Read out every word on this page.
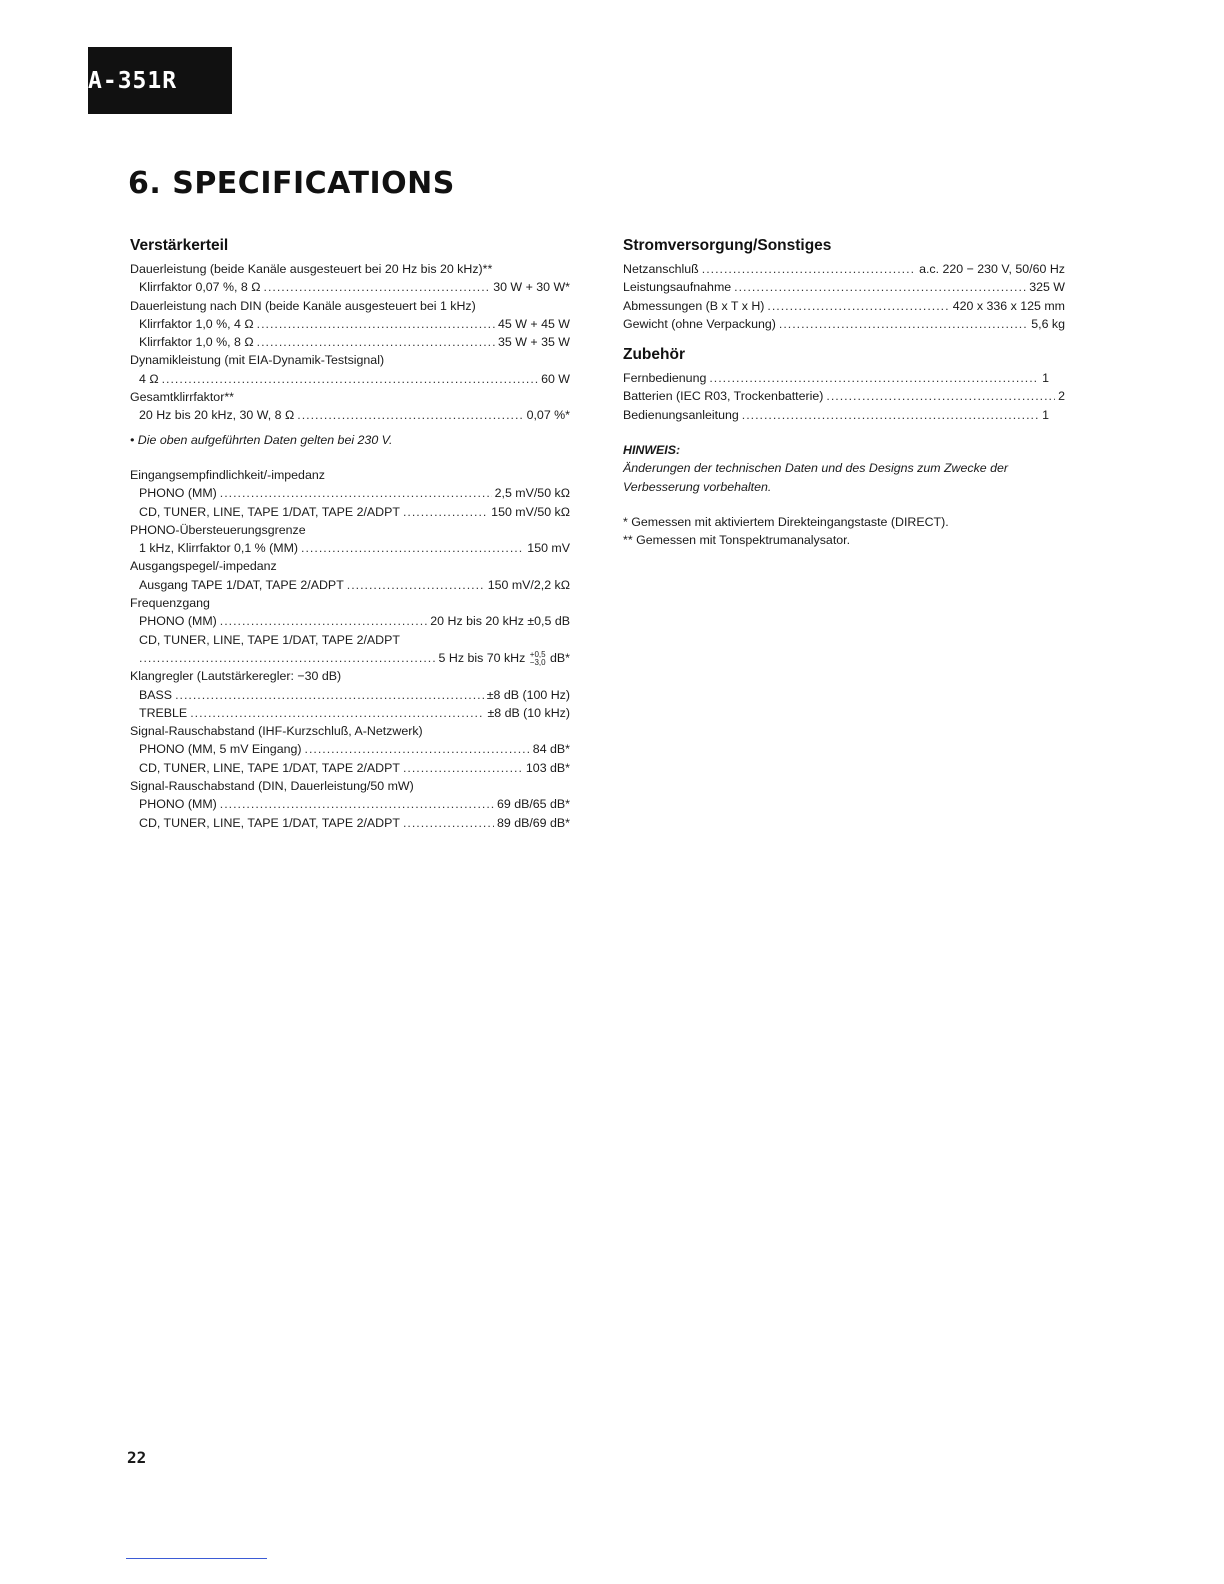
A-351R
6. SPECIFICATIONS
Verstärkerteil
Dauerleistung (beide Kanäle ausgesteuert bei 20 Hz bis 20 kHz)**
Klirrfaktor 0,07 %, 8 Ω .....	30 W + 30 W*
Dauerleistung nach DIN (beide Kanäle ausgesteuert bei 1 kHz)
Klirrfaktor 1,0 %, 4 Ω .....	45 W + 45 W
Klirrfaktor 1,0 %, 8 Ω .....	35 W + 35 W
Dynamikleistung (mit EIA-Dynamik-Testsignal)
4 Ω .....	60 W
Gesamtklirrfaktor**
20 Hz bis 20 kHz, 30 W, 8 Ω .....	0,07 %*
• Die oben aufgeführten Daten gelten bei 230 V.
Eingangsempfindlichkeit/-impedanz
PHONO (MM) .....	2,5 mV/50 kΩ
CD, TUNER, LINE, TAPE 1/DAT, TAPE 2/ADPT .....	150 mV/50 kΩ
PHONO-Übersteuerungsgrenze
1 kHz, Klirrfaktor 0,1 % (MM) .....	150 mV
Ausgangspegel/-impedanz
Ausgang TAPE 1/DAT, TAPE 2/ADPT .....	150 mV/2,2 kΩ
Frequenzgang
PHONO (MM) .....	20 Hz bis 20 kHz ±0,5 dB
CD, TUNER, LINE, TAPE 1/DAT, TAPE 2/ADPT
.....
5 Hz bis 70 kHz +0,5
−3,0 dB*
Klangregler (Lautstärkeregler: −30 dB)
BASS .....	±8 dB (100 Hz)
TREBLE .....	±8 dB (10 kHz)
Signal-Rauschabstand (IHF-Kurzschluß, A-Netzwerk)
PHONO (MM, 5 mV Eingang) .....	84 dB*
CD, TUNER, LINE, TAPE 1/DAT, TAPE 2/ADPT .....	103 dB*
Signal-Rauschabstand (DIN, Dauerleistung/50 mW)
PHONO (MM) .....	69 dB/65 dB*
CD, TUNER, LINE, TAPE 1/DAT, TAPE 2/ADPT .....	89 dB/69 dB*
Stromversorgung/Sonstiges
Netzanschluß .....	a.c. 220 − 230 V, 50/60 Hz
Leistungsaufnahme .....	325 W
Abmessungen (B x T x H) .....	420 x 336 x 125 mm
Gewicht (ohne Verpackung) .....	5,6 kg
Zubehör
Fernbedienung .....	1
Batterien (IEC R03, Trockenbatterie) .....	2
Bedienungsanleitung .....	1
HINWEIS:
Änderungen der technischen Daten und des Designs zum Zwecke der
Verbesserung vorbehalten.
* Gemessen mit aktiviertem Direkteingangstaste (DIRECT).
** Gemessen mit Tonspektrumanalysator.
22
